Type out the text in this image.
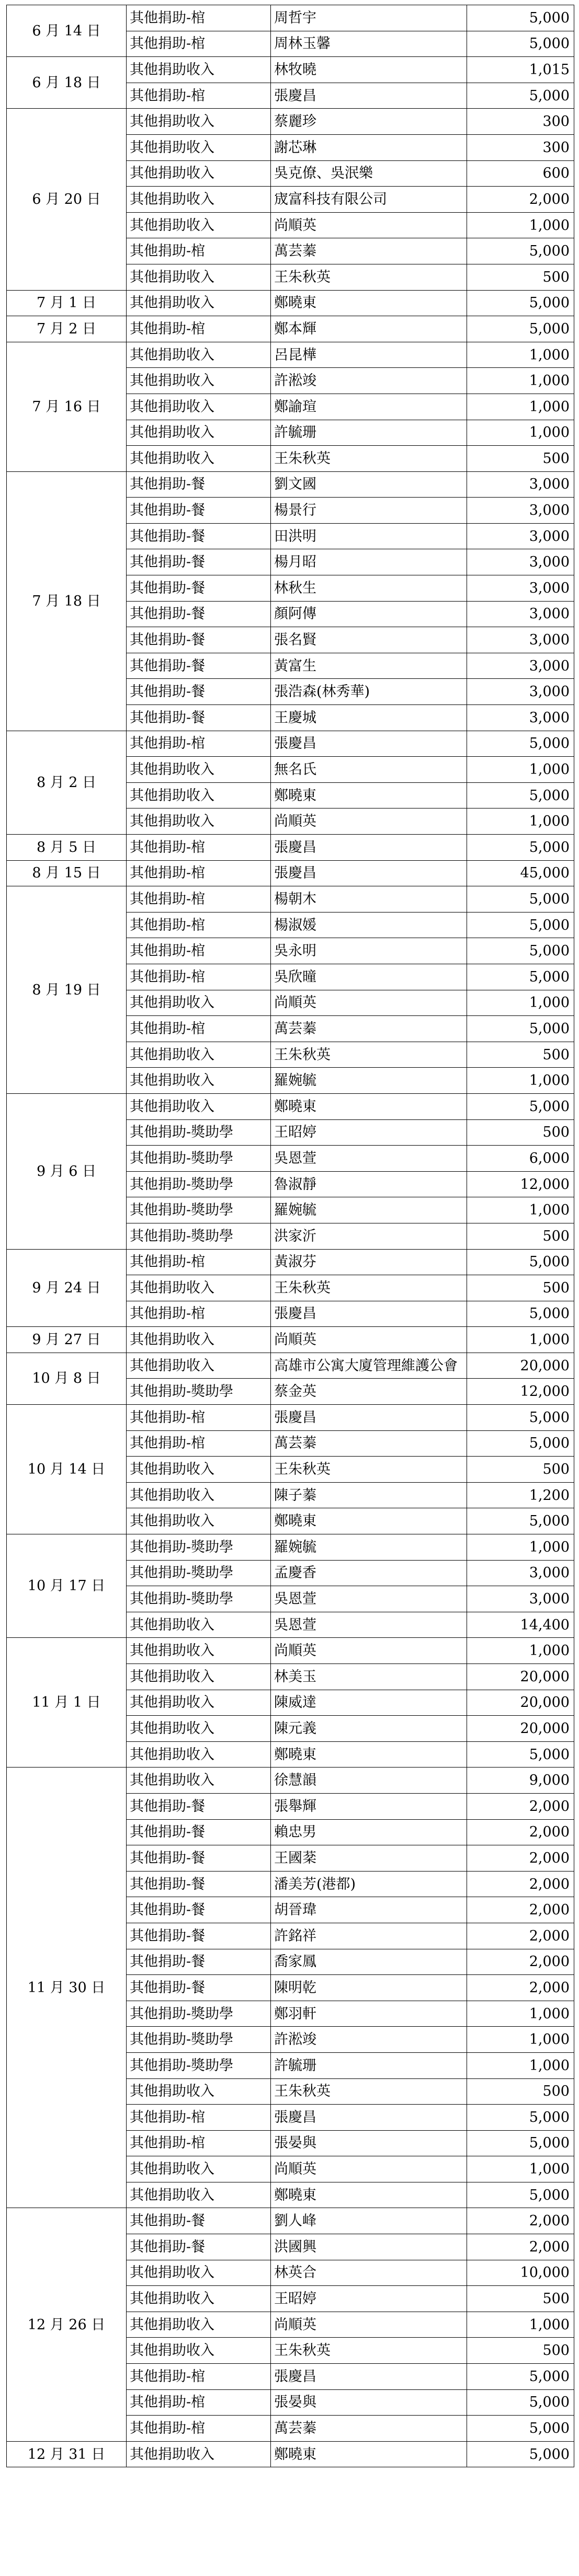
6 月 14 日	其他捐助-棺	周哲宇	5,000
	其他捐助-棺	周林玉馨	5,000
6 月 18 日	其他捐助收入	林牧曉	1,015
	其他捐助-棺	張慶昌	5,000
6 月 20 日	其他捐助收入	蔡麗珍	300
	其他捐助收入	謝芯琳	300
	其他捐助收入	吳克僚、吳泯樂	600
	其他捐助收入	宬富科技有限公司	2,000
	其他捐助收入	尚順英	1,000
	其他捐助-棺	萬芸蓁	5,000
	其他捐助收入	王朱秋英	500
7 月 1 日	其他捐助收入	鄭曉東	5,000
7 月 2 日	其他捐助-棺	鄭本輝	5,000
7 月 16 日	其他捐助收入	呂昆樺	1,000
	其他捐助收入	許淞竣	1,000
	其他捐助收入	鄭諭瑄	1,000
	其他捐助收入	許毓珊	1,000
	其他捐助收入	王朱秋英	500
7 月 18 日	其他捐助-餐	劉文國	3,000
	其他捐助-餐	楊景行	3,000
	其他捐助-餐	田洪明	3,000
	其他捐助-餐	楊月昭	3,000
	其他捐助-餐	林秋生	3,000
	其他捐助-餐	顏阿傳	3,000
	其他捐助-餐	張名賢	3,000
	其他捐助-餐	黃富生	3,000
	其他捐助-餐	張浩森(林秀華)	3,000
	其他捐助-餐	王慶城	3,000
8 月 2 日	其他捐助-棺	張慶昌	5,000
	其他捐助收入	無名氏	1,000
	其他捐助收入	鄭曉東	5,000
	其他捐助收入	尚順英	1,000
8 月 5 日	其他捐助-棺	張慶昌	5,000
8 月 15 日	其他捐助-棺	張慶昌	45,000
8 月 19 日	其他捐助-棺	楊朝木	5,000
	其他捐助-棺	楊淑媛	5,000
	其他捐助-棺	吳永明	5,000
	其他捐助-棺	吳欣曈	5,000
	其他捐助收入	尚順英	1,000
	其他捐助-棺	萬芸蓁	5,000
	其他捐助收入	王朱秋英	500
	其他捐助收入	羅婉毓	1,000
9 月 6 日	其他捐助收入	鄭曉東	5,000
	其他捐助-獎助學	王昭婷	500
	其他捐助-獎助學	吳恩萱	6,000
	其他捐助-獎助學	魯淑靜	12,000
	其他捐助-獎助學	羅婉毓	1,000
	其他捐助-獎助學	洪家沂	500
9 月 24 日	其他捐助-棺	黃淑芬	5,000
	其他捐助收入	王朱秋英	500
	其他捐助-棺	張慶昌	5,000
9 月 27 日	其他捐助收入	尚順英	1,000
10 月 8 日	其他捐助收入	高雄市公寓大廈管理維護公會	20,000
	其他捐助-獎助學	蔡金英	12,000
10 月 14 日	其他捐助-棺	張慶昌	5,000
	其他捐助-棺	萬芸蓁	5,000
	其他捐助收入	王朱秋英	500
	其他捐助收入	陳子蓁	1,200
	其他捐助收入	鄭曉東	5,000
10 月 17 日	其他捐助-獎助學	羅婉毓	1,000
	其他捐助-獎助學	孟慶香	3,000
	其他捐助-獎助學	吳恩萱	3,000
	其他捐助收入	吳恩萱	14,400
11 月 1 日	其他捐助收入	尚順英	1,000
	其他捐助收入	林美玉	20,000
	其他捐助收入	陳威達	20,000
	其他捐助收入	陳元義	20,000
	其他捐助收入	鄭曉東	5,000
11 月 30 日	其他捐助收入	徐慧韻	9,000
	其他捐助-餐	張舉輝	2,000
	其他捐助-餐	賴忠男	2,000
	其他捐助-餐	王國棻	2,000
	其他捐助-餐	潘美芳(港都)	2,000
	其他捐助-餐	胡晉瑋	2,000
	其他捐助-餐	許銘祥	2,000
	其他捐助-餐	喬家鳳	2,000
	其他捐助-餐	陳明乾	2,000
	其他捐助-獎助學	鄭羽軒	1,000
	其他捐助-獎助學	許淞竣	1,000
	其他捐助-獎助學	許毓珊	1,000
	其他捐助收入	王朱秋英	500
	其他捐助-棺	張慶昌	5,000
	其他捐助-棺	張晏與	5,000
	其他捐助收入	尚順英	1,000
	其他捐助收入	鄭曉東	5,000
12 月 26 日	其他捐助-餐	劉人峰	2,000
	其他捐助-餐	洪國興	2,000
	其他捐助收入	林英合	10,000
	其他捐助收入	王昭婷	500
	其他捐助收入	尚順英	1,000
	其他捐助收入	王朱秋英	500
	其他捐助-棺	張慶昌	5,000
	其他捐助-棺	張晏與	5,000
	其他捐助-棺	萬芸蓁	5,000
12 月 31 日	其他捐助收入	鄭曉東	5,000
